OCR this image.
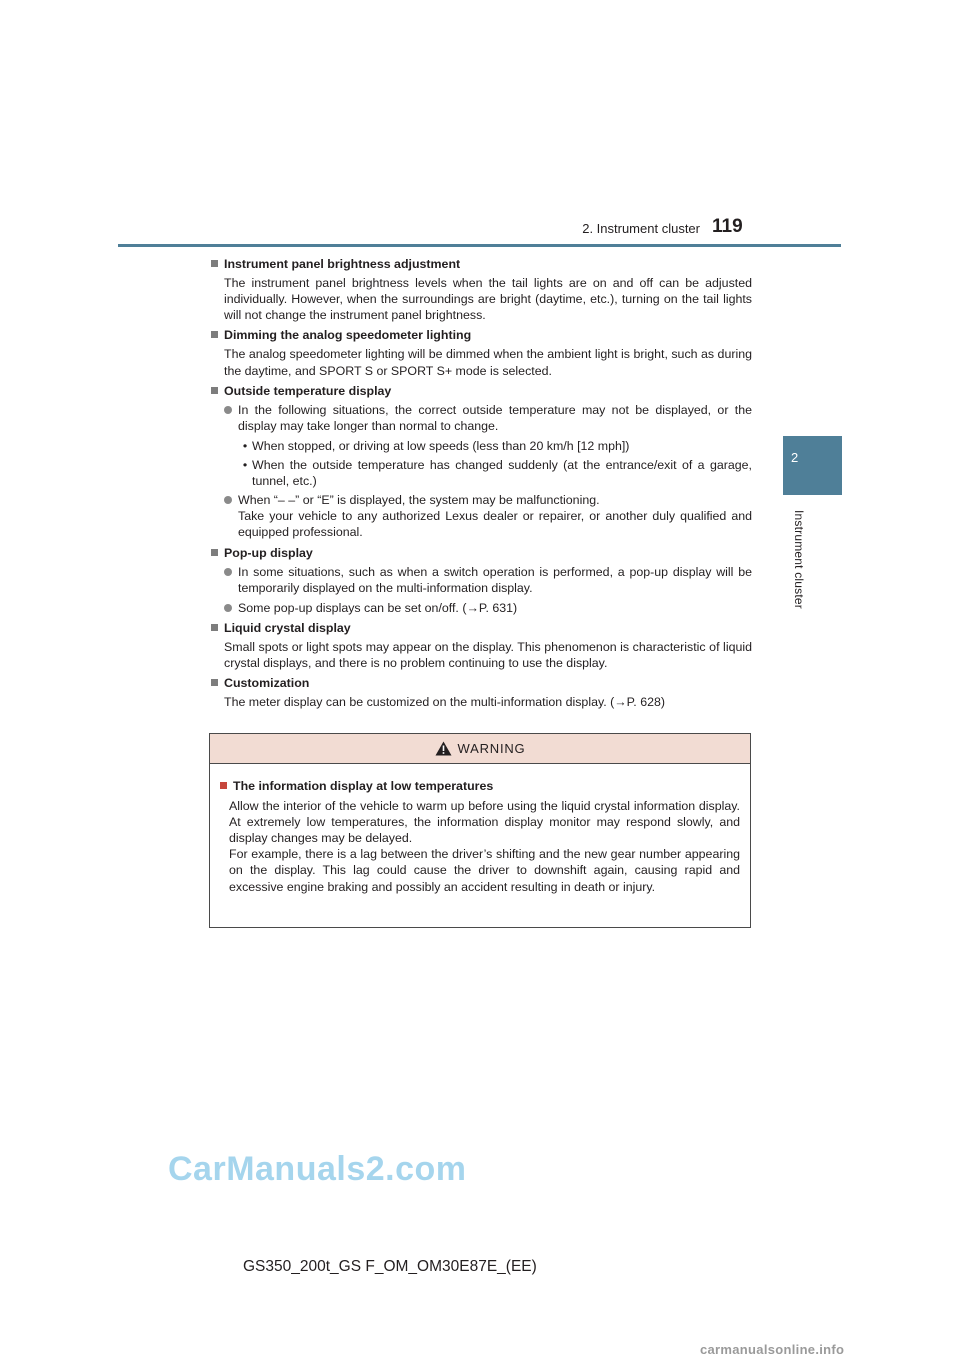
2. Instrument cluster 119
2
Instrument cluster
Instrument panel brightness adjustment

The instrument panel brightness levels when the tail lights are on and off can be adjusted individually. However, when the surroundings are bright (daytime, etc.), turning on the tail lights will not change the instrument panel brightness.

Dimming the analog speedometer lighting

The analog speedometer lighting will be dimmed when the ambient light is bright, such as during the daytime, and SPORT S or SPORT S+ mode is selected.

Outside temperature display
In the following situations, the correct outside temperature may not be displayed, or the display may take longer than normal to change.
• When stopped, or driving at low speeds (less than 20 km/h [12 mph])
• When the outside temperature has changed suddenly (at the entrance/exit of a garage, tunnel, etc.)
When “– –” or “E” is displayed, the system may be malfunctioning.
Take your vehicle to any authorized Lexus dealer or repairer, or another duly qualified and equipped professional.
Pop-up display
In some situations, such as when a switch operation is performed, a pop-up display will be temporarily displayed on the multi-information display.
Some pop-up displays can be set on/off. (→P. 631)
Liquid crystal display

Small spots or light spots may appear on the display. This phenomenon is characteristic of liquid crystal displays, and there is no problem continuing to use the display.

Customization

The meter display can be customized on the multi-information display. (→P. 628)

WARNING
The information display at low temperatures

Allow the interior of the vehicle to warm up before using the liquid crystal information display. At extremely low temperatures, the information display monitor may respond slowly, and display changes may be delayed.

For example, there is a lag between the driver’s shifting and the new gear number appearing on the display. This lag could cause the driver to downshift again, causing rapid and excessive engine braking and possibly an accident resulting in death or injury.

CarManuals2.com
GS350_200t_GS F_OM_OM30E87E_(EE)
carmanualsonline.info
